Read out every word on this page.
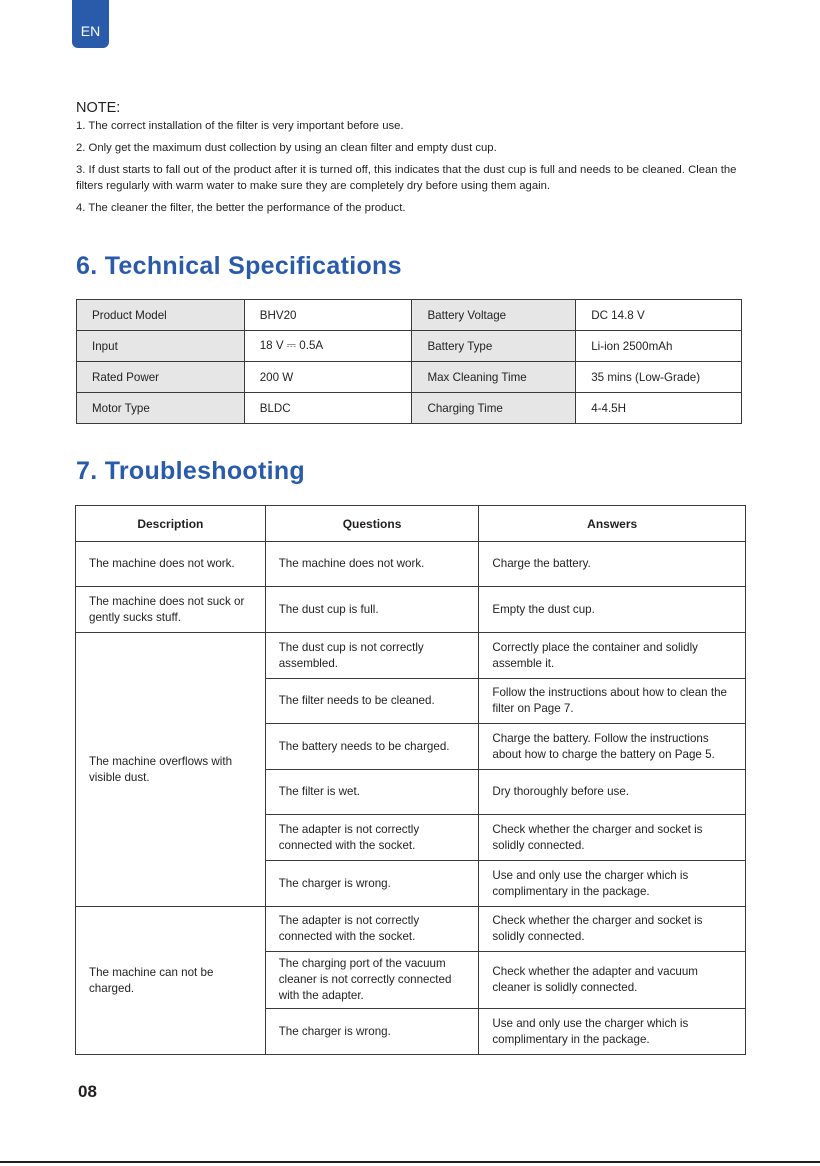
EN
NOTE:

1. The correct installation of the filter is very important before use.

2. Only get the maximum dust collection by using an clean filter and empty dust cup.

3. If dust starts to fall out of the product after it is turned off, this indicates that the dust cup is full and needs to be cleaned. Clean the filters regularly with warm water to make sure they are completely dry before using them again.

4. The cleaner the filter, the better the performance of the product.

6. Technical Specifications
Product Model	BHV20	Battery Voltage	DC 14.8 V
Input	18 V ⎓ 0.5A	Battery Type	Li-ion 2500mAh
Rated Power	200 W	Max Cleaning Time	35 mins (Low-Grade)
Motor Type	BLDC	Charging Time	4-4.5H
7. Troubleshooting
Description	Questions	Answers
The machine does not work.	The machine does not work.	Charge the battery.
The machine does not suck or gently sucks stuff.	The dust cup is full.	Empty the dust cup.
The machine overflows with visible dust.	The dust cup is not correctly assembled.	Correctly place the container and solidly assemble it.
	The filter needs to be cleaned.	Follow the instructions about how to clean the filter on Page 7.
	The battery needs to be charged.	Charge the battery. Follow the instructions about how to charge the battery on Page 5.
	The filter is wet.	Dry thoroughly before use.
	The adapter is not correctly connected with the socket.	Check whether the charger and socket is solidly connected.
	The charger is wrong.	Use and only use the charger which is complimentary in the package.
The machine can not be charged.	The adapter is not correctly connected with the socket.	Check whether the charger and socket is solidly connected.
	The charging port of the vacuum cleaner is not correctly connected with the adapter.	Check whether the adapter and vacuum cleaner is solidly connected.
	The charger is wrong.	Use and only use the charger which is complimentary in the package.
08
